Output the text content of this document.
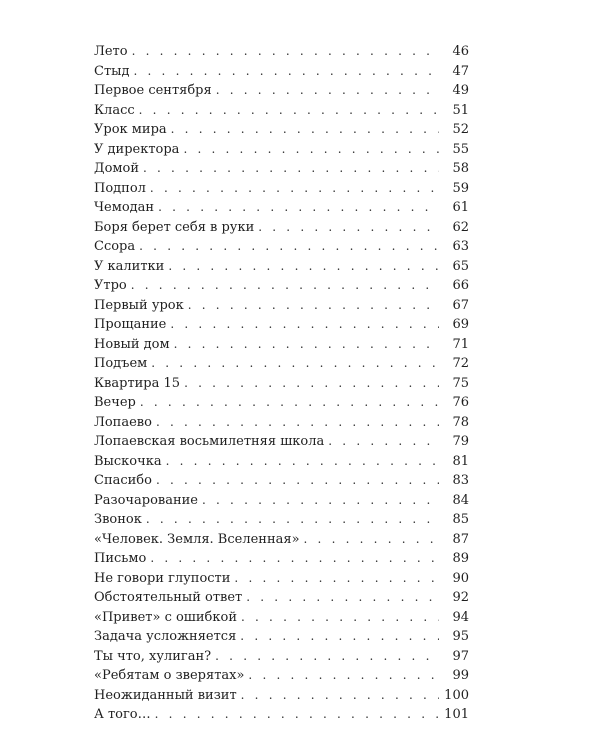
Лето . . .	46
Стыд . . .	47
Первое сентября . . .	49
Класс . . .	51
Урок мира . . .	52
У директора . . .	55
Домой . . .	58
Подпол . . .	59
Чемодан . . .	61
Боря берет себя в руки . . .	62
Ссора . . .	63
У калитки . . .	65
Утро . . .	66
Первый урок . . .	67
Прощание . . .	69
Новый дом . . .	71
Подъем . . .	72
Квартира 15 . . .	75
Вечер . . .	76
Лопаево . . .	78
Лопаевская восьмилетняя школа . . .	79
Выскочка . . .	81
Спасибо . . .	83
Разочарование . . .	84
Звонок . . .	85
«Человек. Земля. Вселенная» . . .	87
Письмо . . .	89
Не говори глупости . . .	90
Обстоятельный ответ . . .	92
«Привет» с ошибкой . . .	94
Задача усложняется . . .	95
Ты что, хулиган? . . .	97
«Ребятам о зверятах» . . .	99
Неожиданный визит . . .	100
А того… . . .	101
